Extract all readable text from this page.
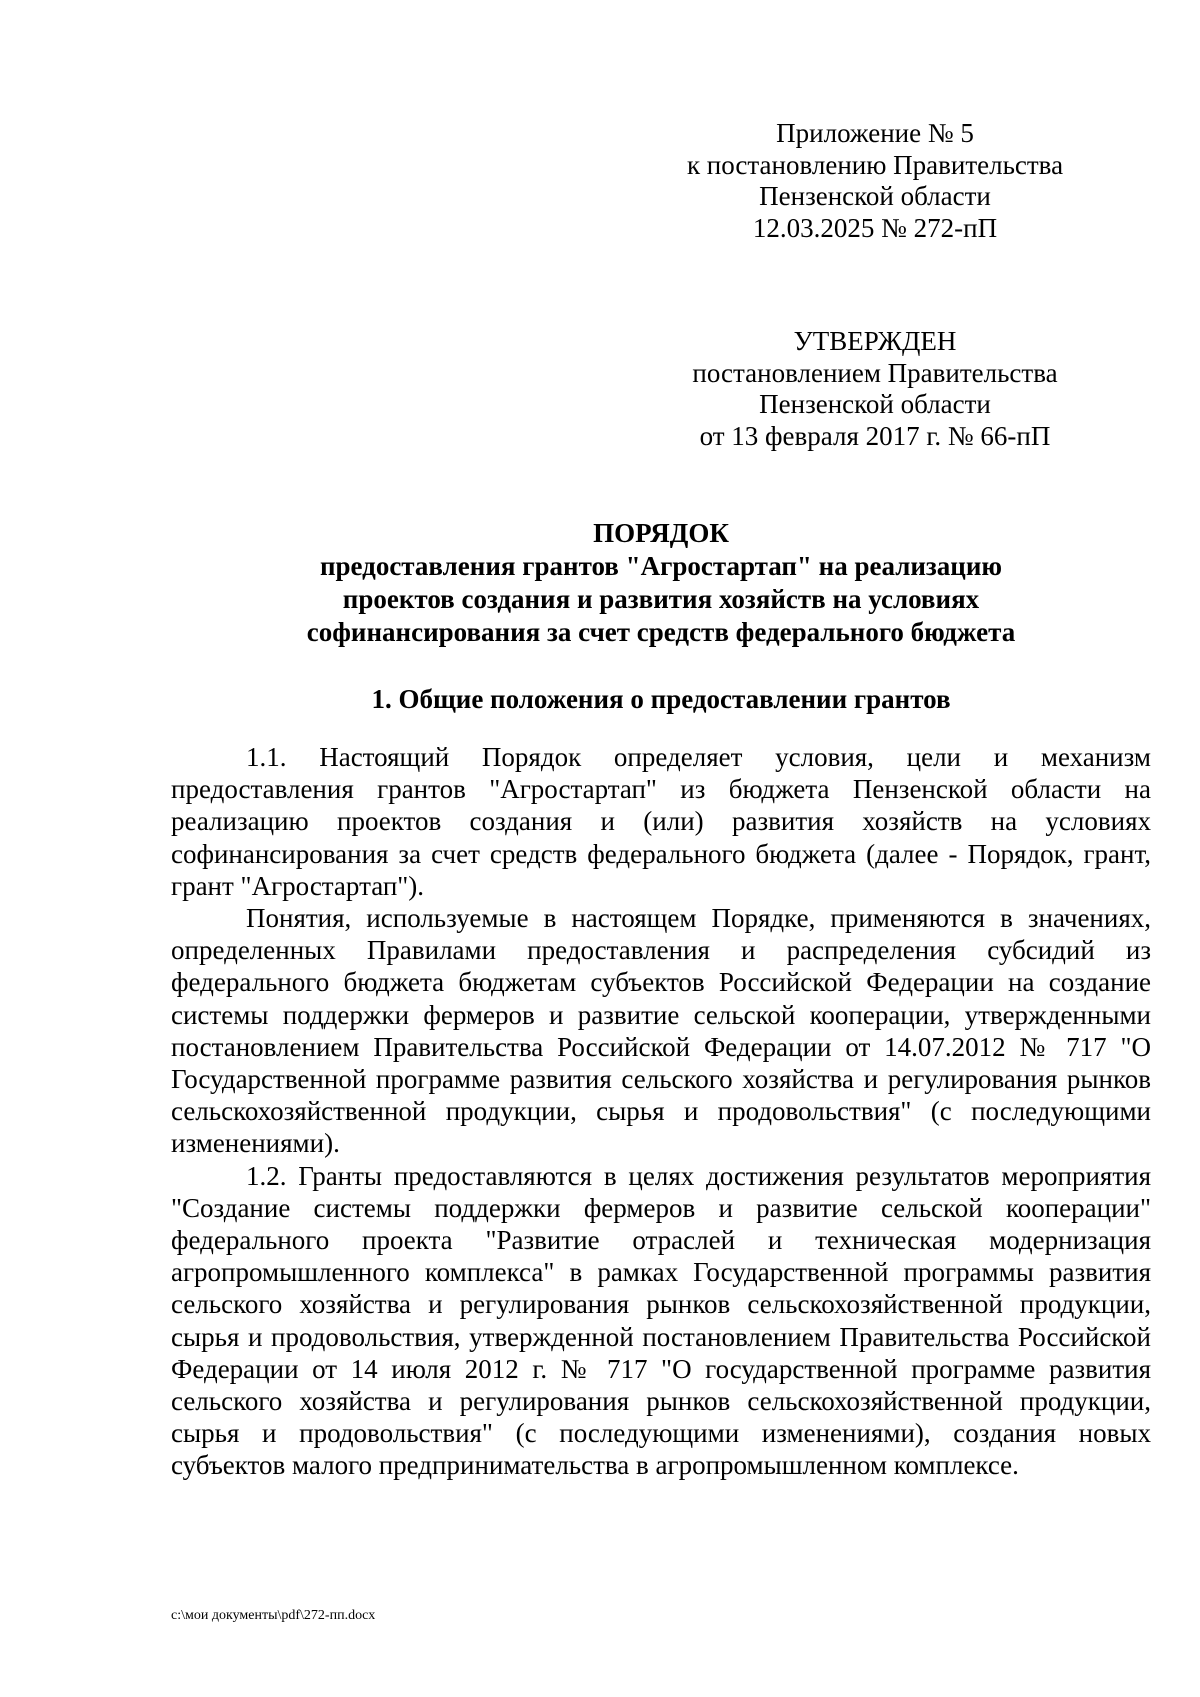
Приложение № 5
к постановлению Правительства
Пензенской области
12.03.2025 № 272-пП
УТВЕРЖДЕН
постановлением Правительства
Пензенской области
от 13 февраля 2017 г. № 66-пП
ПОРЯДОК
предоставления грантов "Агростартап" на реализацию
проектов создания и развития хозяйств на условиях
софинансирования за счет средств федерального бюджета
1. Общие положения о предоставлении грантов

1.1. Настоящий Порядок определяет условия, цели и механизм предоставления грантов "Агростартап" из бюджета Пензенской области на реализацию проектов создания и (или) развития хозяйств на условиях софинансирования за счет средств федерального бюджета (далее - Порядок, грант, грант "Агростартап").

Понятия, используемые в настоящем Порядке, применяются в значениях, определенных Правилами предоставления и распределения субсидий из федерального бюджета бюджетам субъектов Российской Федерации на создание системы поддержки фермеров и развитие сельской кооперации, утвержденными постановлением Правительства Российской Федерации от 14.07.2012 № 717 "О Государственной программе развития сельского хозяйства и регулирования рынков сельскохозяйственной продукции, сырья и продовольствия" (с последующими изменениями).

1.2. Гранты предоставляются в целях достижения результатов мероприятия "Создание системы поддержки фермеров и развитие сельской кооперации" федерального проекта "Развитие отраслей и техническая модернизация агропромышленного комплекса" в рамках Государственной программы развития сельского хозяйства и регулирования рынков сельскохозяйственной продукции, сырья и продовольствия, утвержденной постановлением Правительства Российской Федерации от 14 июля 2012 г. № 717 "О государственной программе развития сельского хозяйства и регулирования рынков сельскохозяйственной продукции, сырья и продовольствия" (с последующими изменениями), создания новых субъектов малого предпринимательства в агропромышленном комплексе.

c:\мои документы\pdf\272-пп.docx
